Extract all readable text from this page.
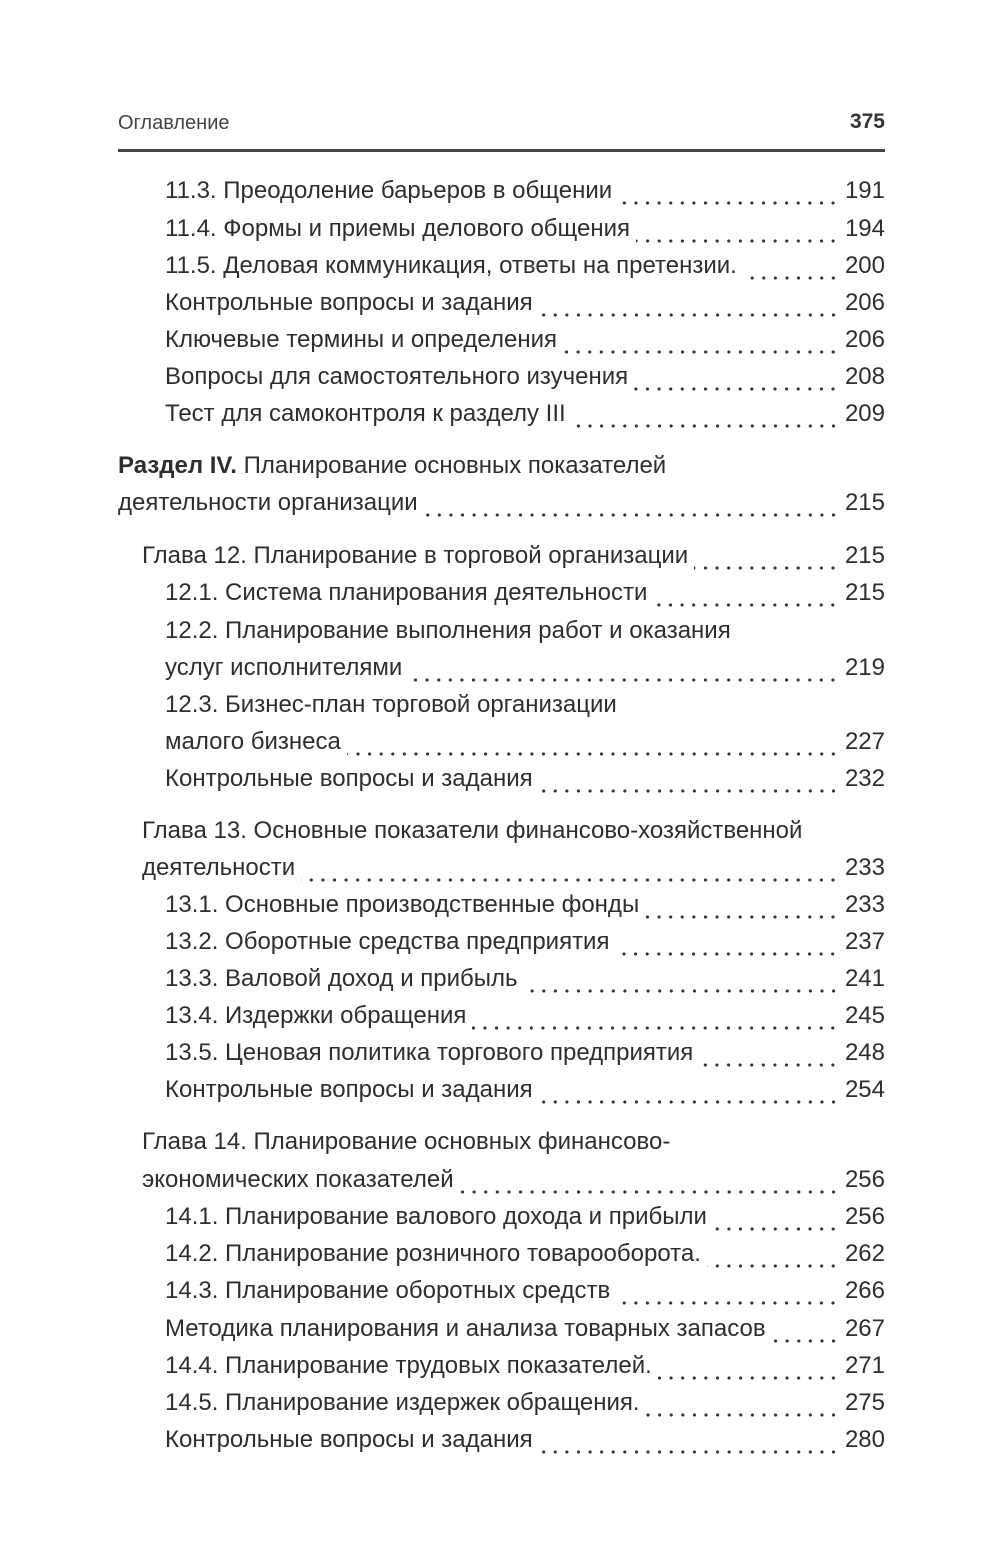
Оглавление	375
11.3. Преодоление барьеров в общении	191
11.4. Формы и приемы делового общения	194
11.5. Деловая коммуникация, ответы на претензии.	200
Контрольные вопросы и задания	206
Ключевые термины и определения	206
Вопросы для самостоятельного изучения	208
Тест для самоконтроля к разделу III	209
Раздел IV. Планирование основных показателей
деятельности организации	215
Глава 12. Планирование в торговой организации	215
12.1. Система планирования деятельности	215
12.2. Планирование выполнения работ и оказания
услуг исполнителями	219
12.3. Бизнес-план торговой организации
малого бизнеса	227
Контрольные вопросы и задания	232
Глава 13. Основные показатели финансово-хозяйственной
деятельности	233
13.1. Основные производственные фонды	233
13.2. Оборотные средства предприятия	237
13.3. Валовой доход и прибыль	241
13.4. Издержки обращения	245
13.5. Ценовая политика торгового предприятия	248
Контрольные вопросы и задания	254
Глава 14. Планирование основных финансово-
экономических показателей	256
14.1. Планирование валового дохода и прибыли	256
14.2. Планирование розничного товарооборота.	262
14.3. Планирование оборотных средств	266
Методика планирования и анализа товарных запасов	267
14.4. Планирование трудовых показателей.	271
14.5. Планирование издержек обращения.	275
Контрольные вопросы и задания	280
